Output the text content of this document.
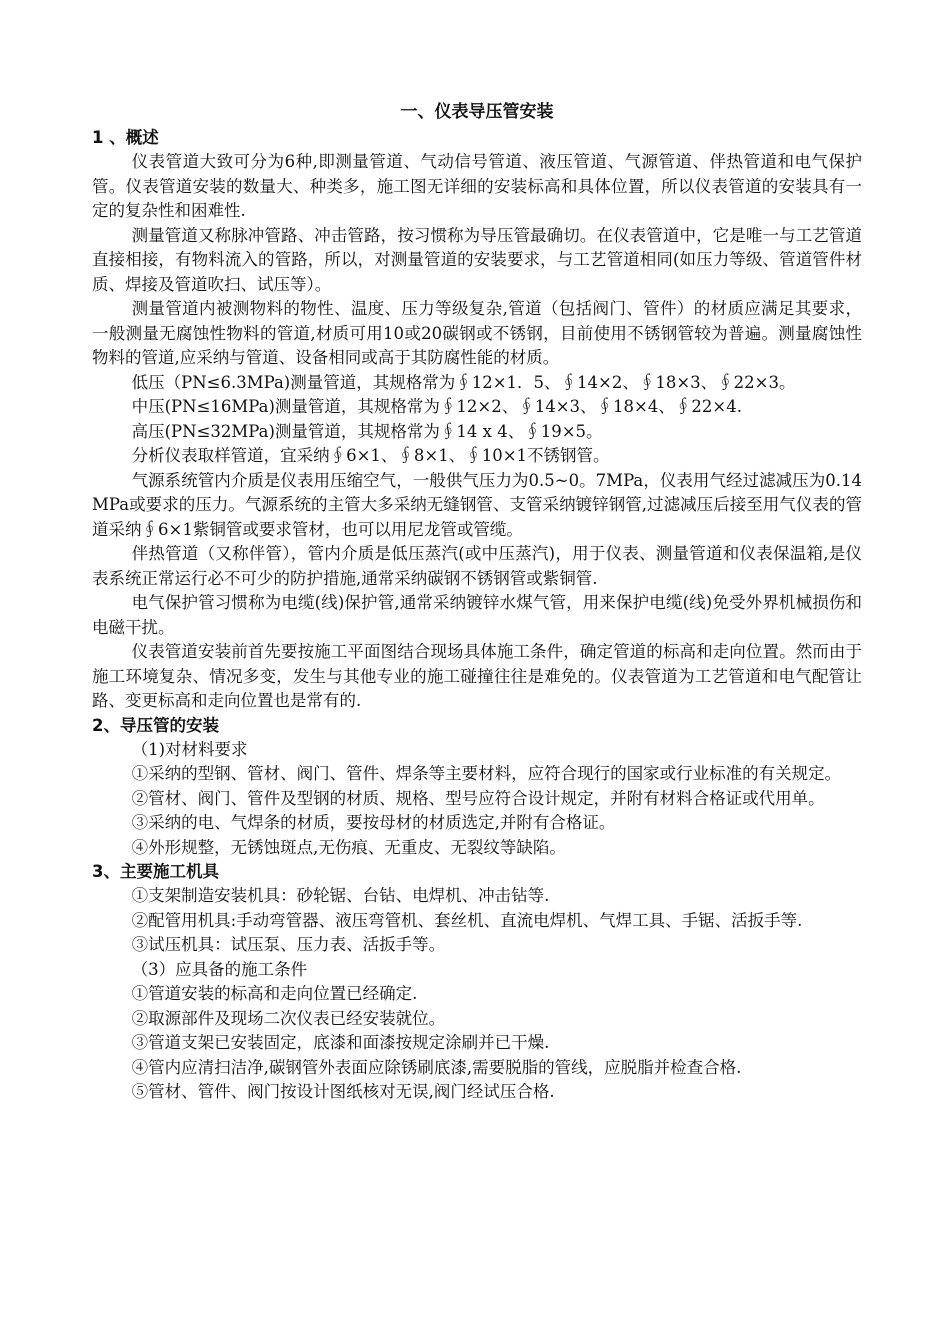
一、仪表导压管安装
1 、概述

仪表管道大致可分为6种,即测量管道、气动信号管道、液压管道、气源管道、伴热管道和电气保护管。仪表管道安装的数量大、种类多，施工图无详细的安装标高和具体位置，所以仪表管道的安装具有一定的复杂性和困难性.

测量管道又称脉冲管路、冲击管路，按习惯称为导压管最确切。在仪表管道中，它是唯一与工艺管道直接相接，有物料流入的管路，所以，对测量管道的安装要求，与工艺管道相同(如压力等级、管道管件材质、焊接及管道吹扫、试压等）。

测量管道内被测物料的物性、温度、压力等级复杂,管道（包括阀门、管件）的材质应满足其要求，一般测量无腐蚀性物料的管道,材质可用10或20碳钢或不锈钢，目前使用不锈钢管较为普遍。测量腐蚀性物料的管道,应采纳与管道、设备相同或高于其防腐性能的材质。

低压（PN≤6.3MPa)测量管道，其规格常为∮12×1．5、∮14×2、∮18×3、∮22×3。
中压(PN≤16MPa)测量管道，其规格常为∮12×2、∮14×3、∮18×4、∮22×4.
高压(PN≤32MPa)测量管道，其规格常为∮14 x 4、∮19×5。
分析仪表取样管道，宜采纳∮6×1、∮8×1、∮10×1不锈钢管。

气源系统管内介质是仪表用压缩空气，一般供气压力为0.5~0。7MPa，仪表用气经过滤减压为0.14MPa或要求的压力。气源系统的主管大多采纳无缝钢管、支管采纳镀锌钢管,过滤减压后接至用气仪表的管道采纳∮6×1紫铜管或要求管材，也可以用尼龙管或管缆。

伴热管道（又称伴管），管内介质是低压蒸汽(或中压蒸汽)，用于仪表、测量管道和仪表保温箱,是仪表系统正常运行必不可少的防护措施,通常采纳碳钢不锈钢管或紫铜管.

电气保护管习惯称为电缆(线)保护管,通常采纳镀锌水煤气管，用来保护电缆(线)免受外界机械损伤和电磁干扰。

仪表管道安装前首先要按施工平面图结合现场具体施工条件，确定管道的标高和走向位置。然而由于施工环境复杂、情况多变，发生与其他专业的施工碰撞往往是难免的。仪表管道为工艺管道和电气配管让路、变更标高和走向位置也是常有的.

2、导压管的安装
（1)对材料要求

①采纳的型钢、管材、阀门、管件、焊条等主要材料，应符合现行的国家或行业标准的有关规定。

②管材、阀门、管件及型钢的材质、规格、型号应符合设计规定，并附有材料合格证或代用单。

③采纳的电、气焊条的材质，要按母材的材质选定,并附有合格证。
④外形规整，无锈蚀斑点,无伤痕、无重皮、无裂纹等缺陷。
3、主要施工机具
①支架制造安装机具：砂轮锯、台钻、电焊机、冲击钻等.

②配管用机具:手动弯管器、液压弯管机、套丝机、直流电焊机、气焊工具、手锯、活扳手等.

③试压机具：试压泵、压力表、活扳手等。
（3）应具备的施工条件
①管道安装的标高和走向位置已经确定.
②取源部件及现场二次仪表已经安装就位。
③管道支架已安装固定，底漆和面漆按规定涂刷并已干燥.
④管内应清扫洁净,碳钢管外表面应除锈刷底漆,需要脱脂的管线，应脱脂并检查合格.
⑤管材、管件、阀门按设计图纸核对无误,阀门经试压合格.
